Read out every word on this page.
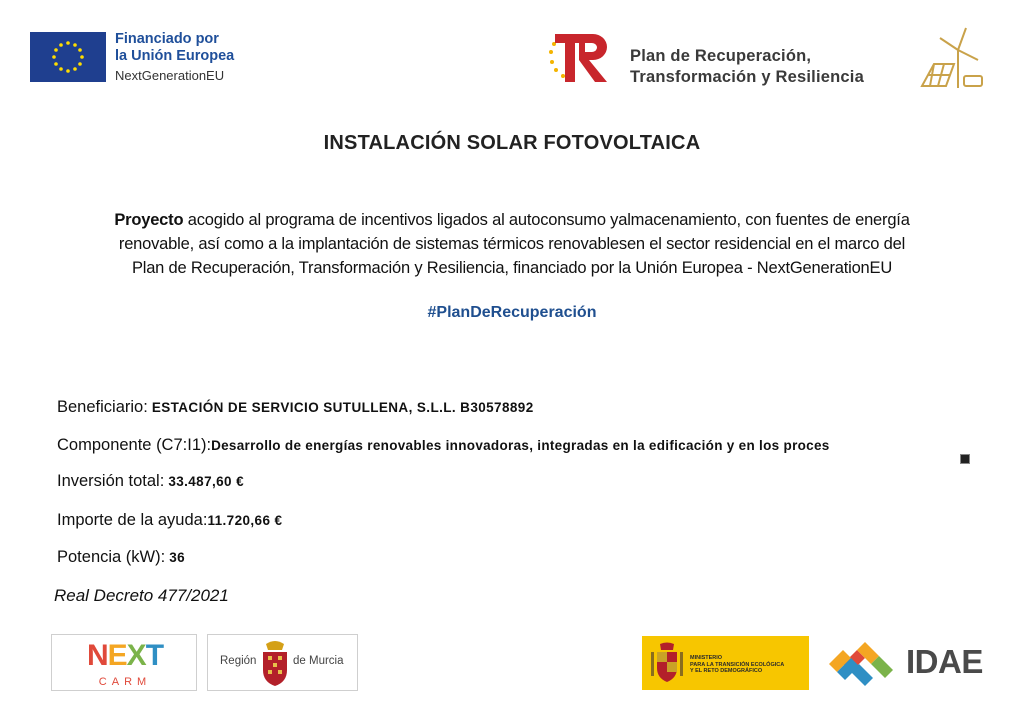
Financiado por
la Unión Europea
NextGenerationEU
Plan de Recuperación,
Transformación y Resiliencia
INSTALACIÓN SOLAR FOTOVOLTAICA
Proyecto acogido al programa de incentivos ligados al autoconsumo yalmacenamiento, con fuentes de energía
renovable, así como a la implantación de sistemas térmicos renovablesen el sector residencial en el marco del
Plan de Recuperación, Transformación y Resiliencia, financiado por la Unión Europea - NextGenerationEU
#PlanDeRecuperación
Beneficiario: ESTACIÓN DE SERVICIO SUTULLENA, S.L.L. B30578892
Componente (C7:I1):Desarrollo de energías renovables innovadoras, integradas en la edificación y en los proces
Inversión total: 33.487,60 €
Importe de la ayuda:11.720,66 €
Potencia (kW): 36
Real Decreto 477/2021
NEXT
CARM
Región	de Murcia	MINISTERIO
PARA LA TRANSICIÓN ECOLÓGICA
Y EL RETO DEMOGRÁFICO	IDAE
